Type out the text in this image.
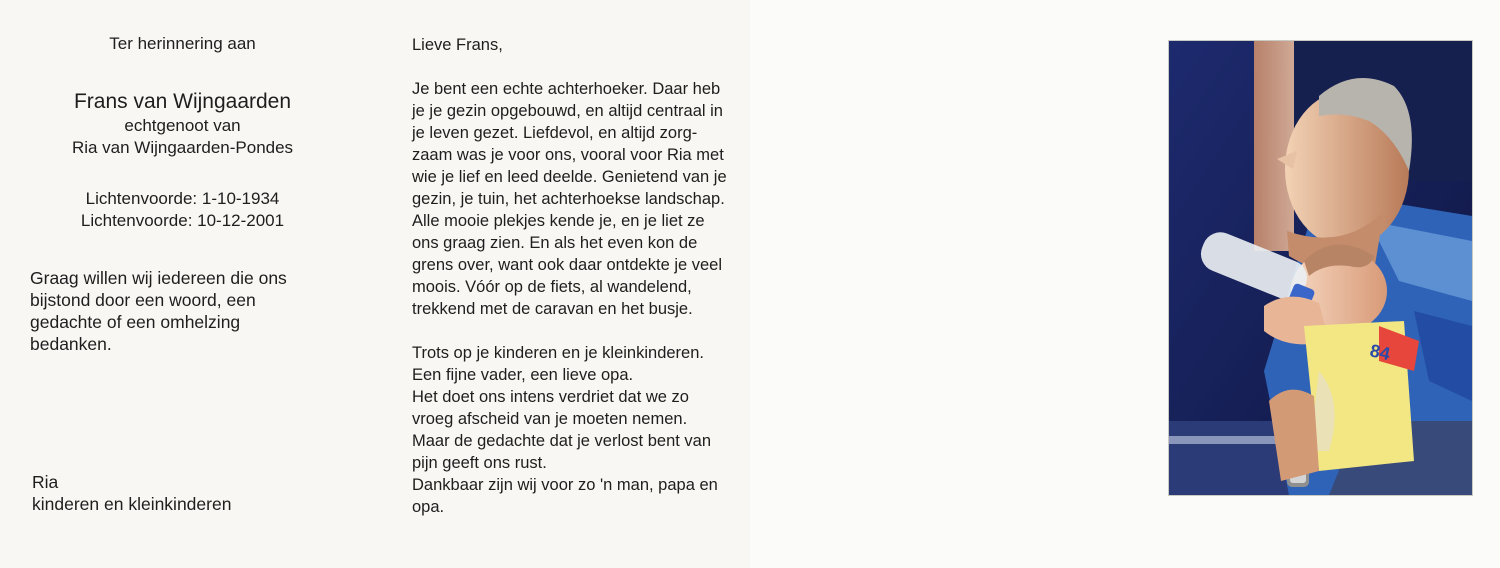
Ter herinnering aan
Frans van Wijngaarden
echtgenoot van
Ria van Wijngaarden-Pondes
Lichtenvoorde: 1-10-1934
Lichtenvoorde: 10-12-2001
Graag willen wij iedereen die ons
bijstond door een woord, een
gedachte of een omhelzing
bedanken.
Ria
kinderen en kleinkinderen

Lieve Frans,

Je bent een echte achterhoeker. Daar heb
je je gezin opgebouwd, en altijd centraal in
je leven gezet. Liefdevol, en altijd zorg-
zaam was je voor ons, vooral voor Ria met
wie je lief en leed deelde. Genietend van je
gezin, je tuin, het achterhoekse landschap.
Alle mooie plekjes kende je, en je liet ze
ons graag zien. En als het even kon de
grens over, want ook daar ontdekte je veel
moois. Vóór op de fiets, al wandelend,
trekkend met de caravan en het busje.

Trots op je kinderen en je kleinkinderen.
Een fijne vader, een lieve opa.
Het doet ons intens verdriet dat we zo
vroeg afscheid van je moeten nemen.
Maar de gedachte dat je verlost bent van
pijn geeft ons rust.
Dankbaar zijn wij voor zo 'n man, papa en
opa.

84
